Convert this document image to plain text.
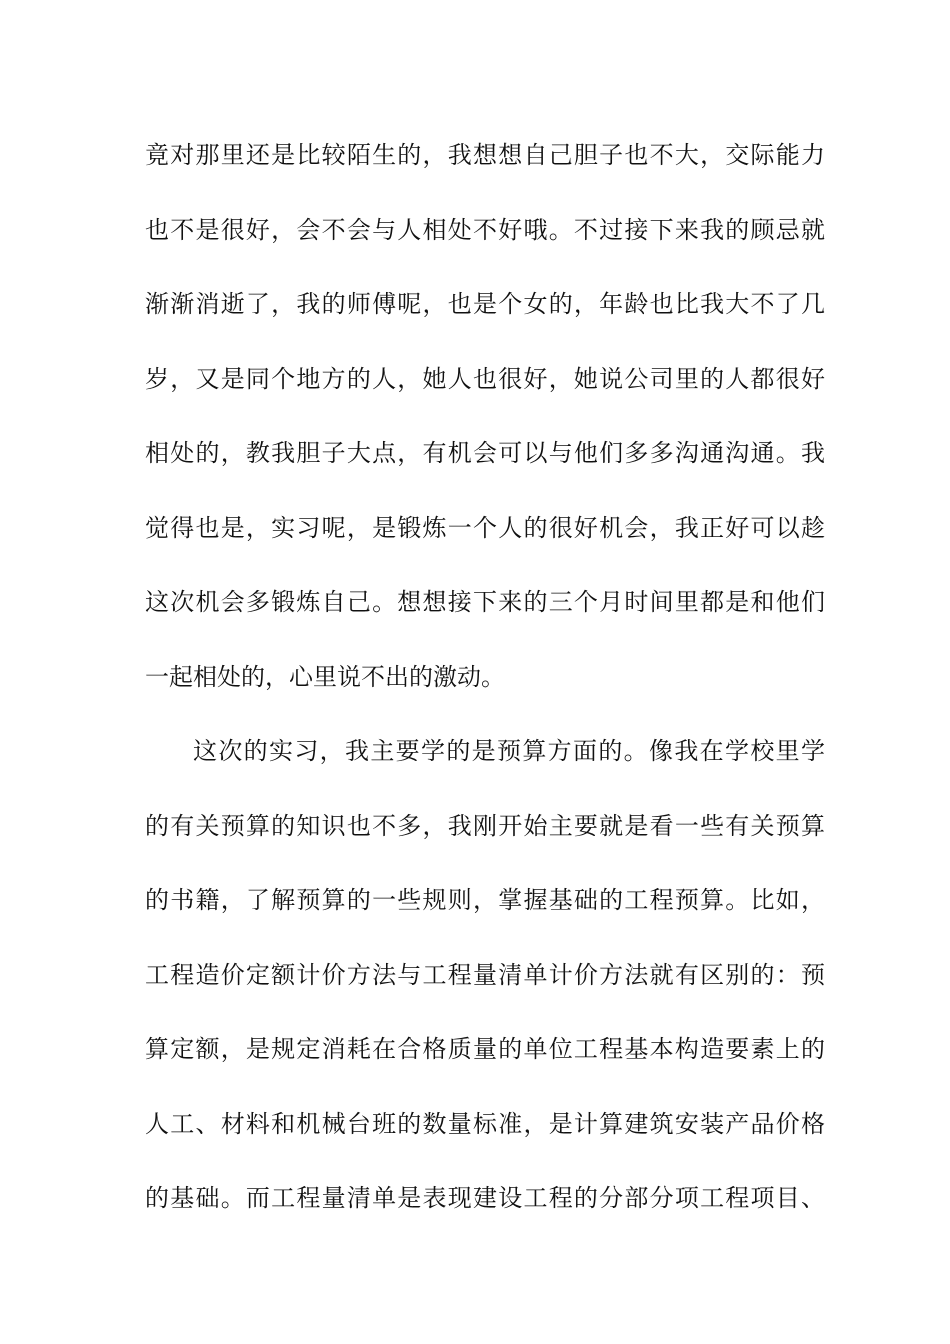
竟对那里还是比较陌生的，我想想自己胆子也不大，交际能力
也不是很好，会不会与人相处不好哦。不过接下来我的顾忌就
渐渐消逝了，我的师傅呢，也是个女的，年龄也比我大不了几
岁，又是同个地方的人，她人也很好，她说公司里的人都很好
相处的，教我胆子大点，有机会可以与他们多多沟通沟通。我
觉得也是，实习呢，是锻炼一个人的很好机会，我正好可以趁
这次机会多锻炼自己。想想接下来的三个月时间里都是和他们
一起相处的，心里说不出的激动。
这次的实习，我主要学的是预算方面的。像我在学校里学
的有关预算的知识也不多，我刚开始主要就是看一些有关预算
的书籍，了解预算的一些规则，掌握基础的工程预算。比如，
工程造价定额计价方法与工程量清单计价方法就有区别的：预
算定额，是规定消耗在合格质量的单位工程基本构造要素上的
人工、材料和机械台班的数量标准，是计算建筑安装产品价格
的基础。而工程量清单是表现建设工程的分部分项工程项目、
